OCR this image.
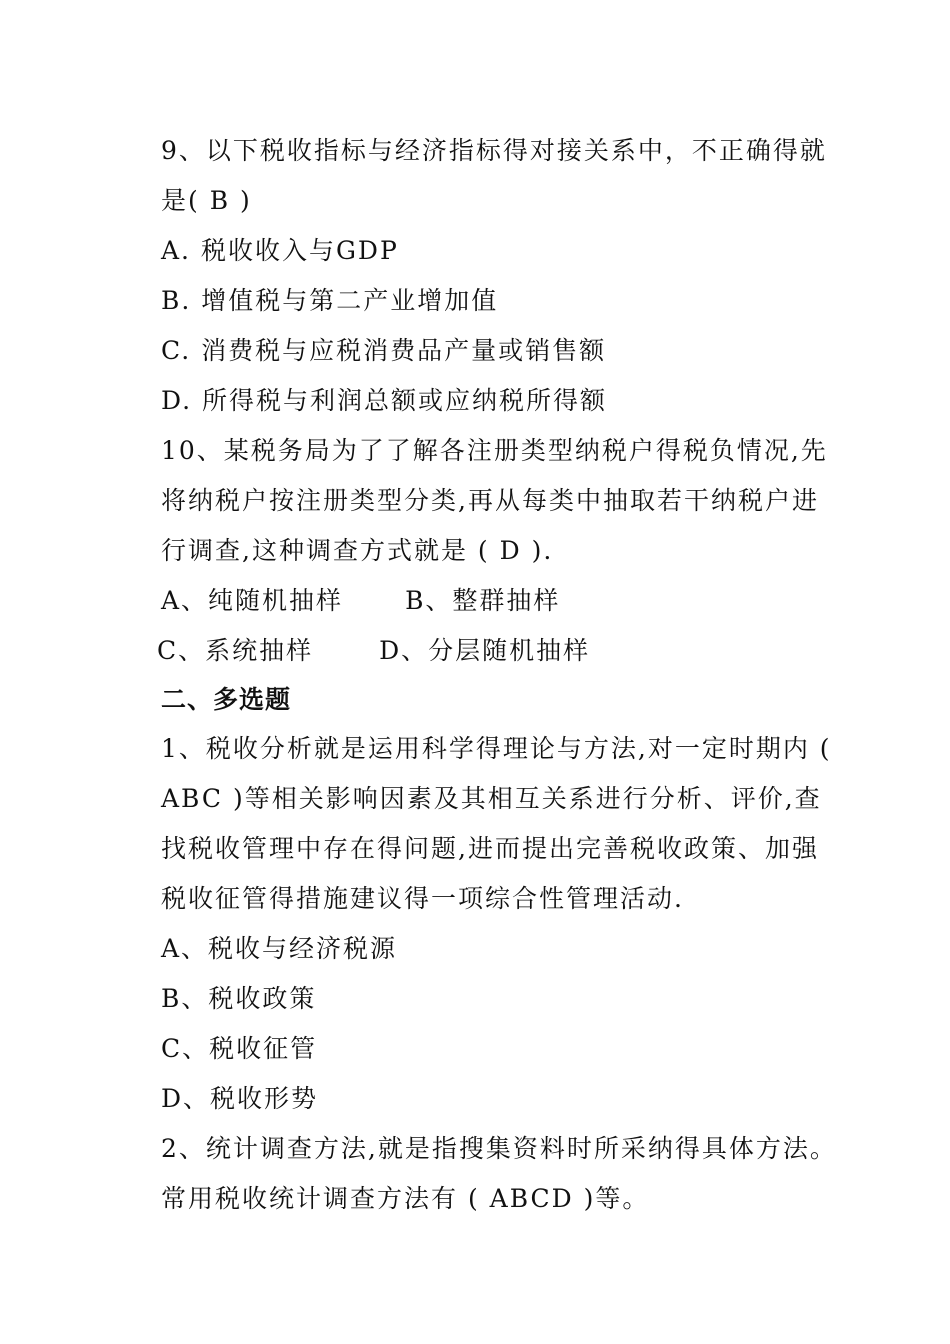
9、以下税收指标与经济指标得对接关系中，不正确得就
是( B )
A. 税收收入与GDP
B. 增值税与第二产业增加值
C. 消费税与应税消费品产量或销售额
D. 所得税与利润总额或应纳税所得额
10、某税务局为了了解各注册类型纳税户得税负情况,先
将纳税户按注册类型分类,再从每类中抽取若干纳税户进
行调查,这种调查方式就是 ( D ).
A、纯随机抽样 B、整群抽样
C、系统抽样	D、分层随机抽样
二、多选题
1、税收分析就是运用科学得理论与方法,对一定时期内 (
ABC )等相关影响因素及其相互关系进行分析、评价,查
找税收管理中存在得问题,进而提出完善税收政策、加强
税收征管得措施建议得一项综合性管理活动.
A、税收与经济税源
B、税收政策
C、税收征管
D、税收形势
2、统计调查方法,就是指搜集资料时所采纳得具体方法。
常用税收统计调查方法有 ( ABCD )等。
